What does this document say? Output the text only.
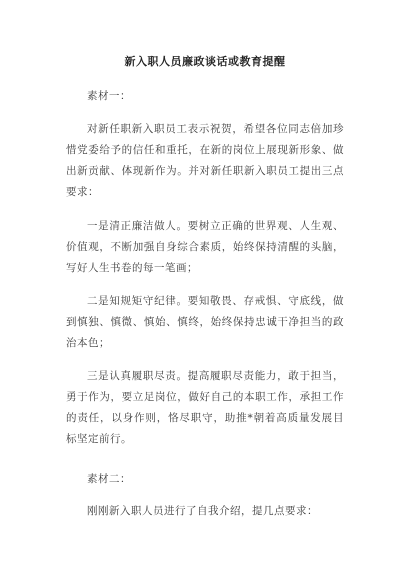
新入职人员廉政谈话或教育提醒

素材一：

对新任职新入职员工表示祝贺，希望各位同志倍加珍惜党委给予的信任和重托，在新的岗位上展现新形象、做出新贡献、体现新作为。并对新任职新入职员工提出三点要求：

一是清正廉洁做人。要树立正确的世界观、人生观、价值观，不断加强自身综合素质，始终保持清醒的头脑，写好人生书卷的每一笔画；

二是知规矩守纪律。要知敬畏、存戒惧、守底线，做到慎独、慎微、慎始、慎终，始终保持忠诚干净担当的政治本色；

三是认真履职尽责。提高履职尽责能力，敢于担当，勇于作为，要立足岗位，做好自己的本职工作，承担工作的责任，以身作则，恪尽职守，助推*朝着高质量发展目标坚定前行。

素材二：

刚刚新入职人员进行了自我介绍，提几点要求：
